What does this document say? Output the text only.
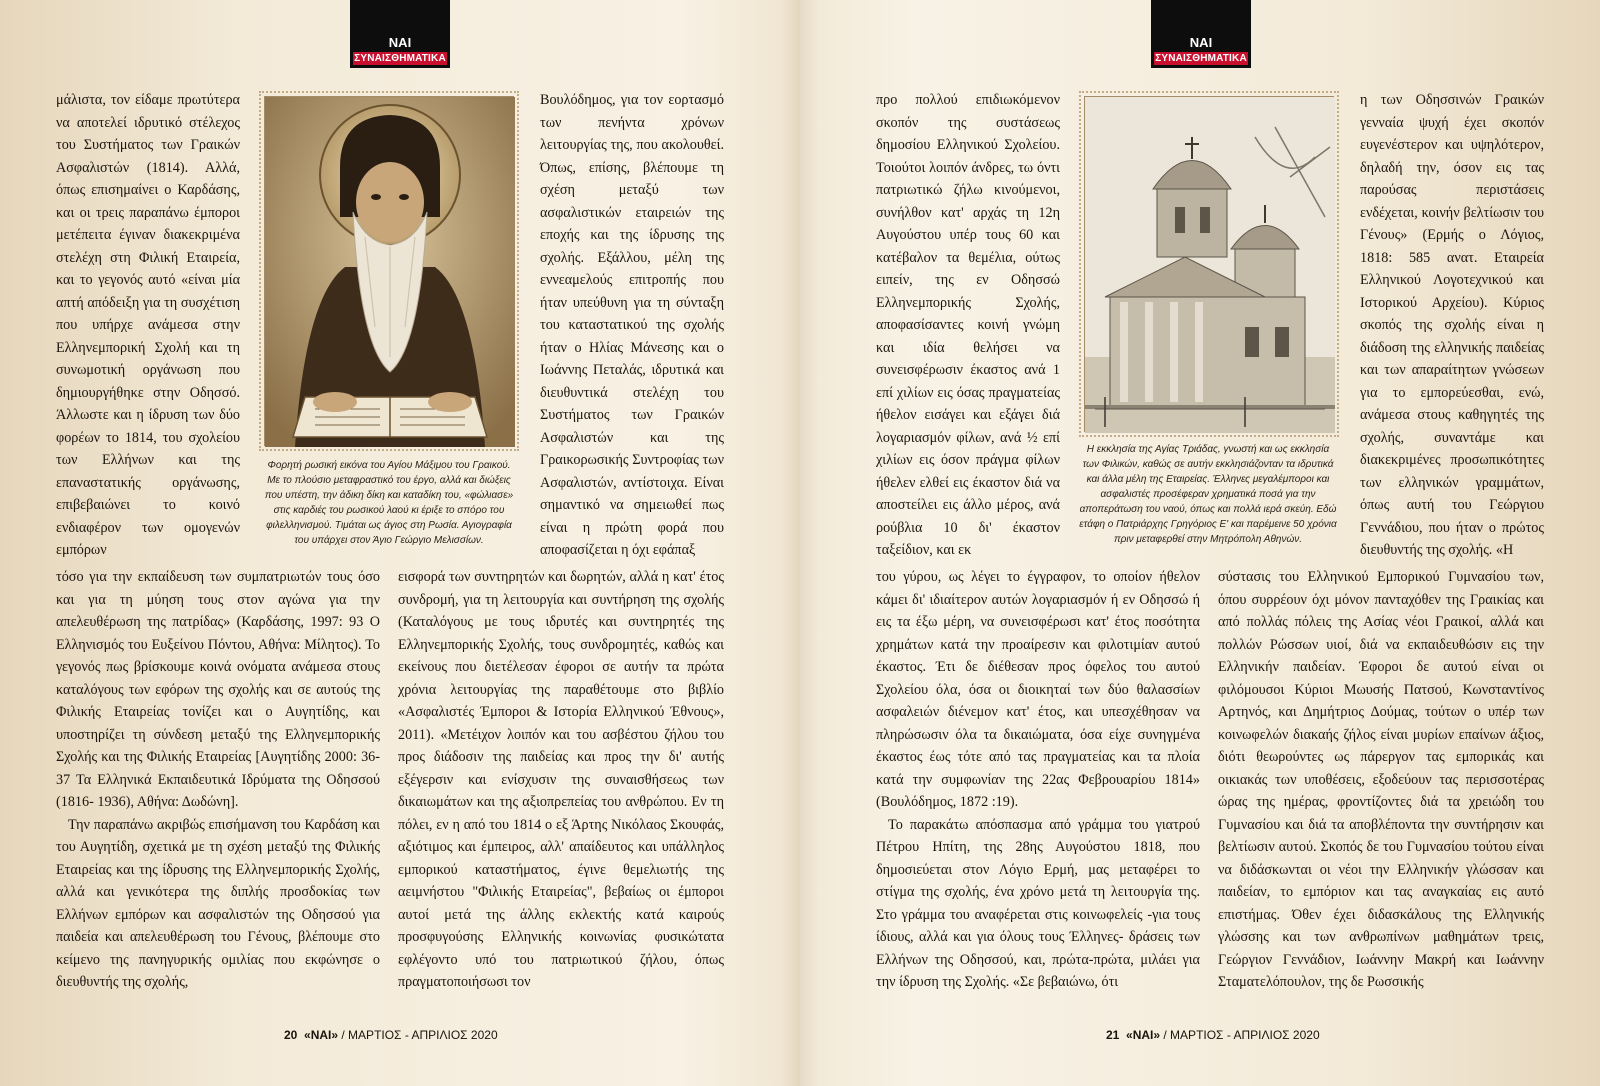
ΝΑΙ
ΣΥΝΑΙΣΘΗΜΑΤΙΚΑ

μάλιστα, τον είδαμε πρωτύτερα να αποτελεί ιδρυτικό στέλεχος του Συστήματος των Γραικών Ασφαλιστών (1814). Αλλά, όπως επισημαίνει ο Καρδάσης, και οι τρεις παραπάνω έμποροι μετέπειτα έγιναν διακεκριμένα στελέχη στη Φιλική Εταιρεία, και το γεγονός αυτό «είναι μία απτή απόδειξη για τη συσχέτιση που υπήρχε ανάμεσα στην Ελληνεμπορική Σχολή και τη συνωμοτική οργάνωση που δημιουργήθηκε στην Οδησσό. Άλλωστε και η ίδρυση των δύο φορέων το 1814, του σχολείου των Ελλήνων και της επαναστατικής οργάνωσης, επιβεβαιώνει το κοινό ενδιαφέρον των ομογενών εμπόρων

Φορητή ρωσική εικόνα του Αγίου Μάξιμου του Γραικού. Με το πλούσιο μεταφραστικό του έργο, αλλά και διώξεις που υπέστη, την άδικη δίκη και καταδίκη του, «φώλιασε» στις καρδιές του ρωσικού λαού κι έριξε το σπόρο του φιλελληνισμού. Τιμάται ως άγιος στη Ρωσία. Αγιογραφία του υπάρχει στον Άγιο Γεώργιο Μελισσίων.

Βουλόδημος, για τον εορτασμό των πενήντα χρόνων λειτουργίας της, που ακολουθεί. Όπως, επίσης, βλέπουμε τη σχέση μεταξύ των ασφαλιστικών εταιρειών της εποχής και της ίδρυσης της σχολής. Εξάλλου, μέλη της εννεαμελούς επιτροπής που ήταν υπεύθυνη για τη σύνταξη του καταστατικού της σχολής ήταν ο Ηλίας Μάνεσης και ο Ιωάννης Πεταλάς, ιδρυτικά και διευθυντικά στελέχη του Συστήματος των Γραικών Ασφαλιστών και της Γραικορωσικής Συντροφίας των Ασφαλιστών, αντίστοιχα. Είναι σημαντικό να σημειωθεί πως είναι η πρώτη φορά που αποφασίζεται η όχι εφάπαξ

τόσο για την εκπαίδευση των συμπατριωτών τους όσο και για τη μύηση τους στον αγώνα για την απελευθέρωση της πατρίδας» (Καρδάσης, 1997: 93 Ο Ελληνισμός του Ευξείνου Πόντου, Αθήνα: Μίλητος). Το γεγονός πως βρίσκουμε κοινά ονόματα ανάμεσα στους καταλόγους των εφόρων της σχολής και σε αυτούς της Φιλικής Εταιρείας τονίζει και ο Αυγητίδης, και υποστηρίζει τη σύνδεση μεταξύ της Ελληνεμπορικής Σχολής και της Φιλικής Εταιρείας [Αυγητίδης 2000: 36-37 Τα Ελληνικά Εκπαιδευτικά Ιδρύματα της Οδησσού (1816- 1936), Αθήνα: Δωδώνη].

Την παραπάνω ακριβώς επισήμανση του Καρδάση και του Αυγητίδη, σχετικά με τη σχέση μεταξύ της Φιλικής Εταιρείας και της ίδρυσης της Ελληνεμπορικής Σχολής, αλλά και γενικότερα της διπλής προσδοκίας των Ελλήνων εμπόρων και ασφαλιστών της Οδησσού για παιδεία και απελευθέρωση του Γένους, βλέπουμε στο κείμενο της πανηγυρικής ομιλίας που εκφώνησε ο διευθυντής της σχολής,

εισφορά των συντηρητών και δωρητών, αλλά η κατ' έτος συνδρομή, για τη λειτουργία και συντήρηση της σχολής (Καταλόγους με τους ιδρυτές και συντηρητές της Ελληνεμπορικής Σχολής, τους συνδρομητές, καθώς και εκείνους που διετέλεσαν έφοροι σε αυτήν τα πρώτα χρόνια λειτουργίας της παραθέτουμε στο βιβλίο «Ασφαλιστές Έμποροι & Ιστορία Ελληνικού Έθνους», 2011). «Μετέιχον λοιπόν και του ασβέστου ζήλου του προς διάδοσιν της παιδείας και προς την δι' αυτής εξέγερσιν και ενίσχυσιν της συναισθήσεως των δικαιωμάτων και της αξιοπρεπείας του ανθρώπου. Εν τη πόλει, εν η από του 1814 ο εξ Άρτης Νικόλαος Σκουφάς, αξιότιμος και έμπειρος, αλλ' απαίδευτος και υπάλληλος εμπορικού καταστήματος, έγινε θεμελιωτής της αειμνήστου "Φιλικής Εταιρείας", βεβαίως οι έμποροι αυτοί μετά της άλλης εκλεκτής κατά καιρούς προσφυγούσης Ελληνικής κοινωνίας φυσικώτατα εφλέγοντο υπό του πατριωτικού ζήλου, όπως πραγματοποιήσωσι τον

20 «ΝΑΙ» / ΜΑΡΤΙΟΣ - ΑΠΡΙΛΙΟΣ 2020
ΝΑΙ
ΣΥΝΑΙΣΘΗΜΑΤΙΚΑ

προ πολλού επιδιωκόμενον σκοπόν της συστάσεως δημοσίου Ελληνικού Σχολείου. Τοιούτοι λοιπόν άνδρες, τω όντι πατριωτικώ ζήλω κινούμενοι, συνήλθον κατ' αρχάς τη 12η Αυγούστου υπέρ τους 60 και κατέβαλον τα θεμέλια, ούτως ειπείν, της εν Οδησσώ Ελληνεμπορικής Σχολής, αποφασίσαντες κοινή γνώμη και ιδία θελήσει να συνεισφέρωσιν έκαστος ανά 1 επί χιλίων εις όσας πραγματείας ήθελον εισάγει και εξάγει διά λογαριασμόν φίλων, ανά ½ επί χιλίων εις όσον πράγμα φίλων ήθελεν ελθεί εις έκαστον διά να αποστείλει εις άλλο μέρος, ανά ρούβλια 10 δι' έκαστον ταξείδιον, και εκ

Η εκκλησία της Αγίας Τριάδας, γνωστή και ως εκκλησία των Φιλικών, καθώς σε αυτήν εκκλησιάζονταν τα ιδρυτικά και άλλα μέλη της Εταιρείας. Έλληνες μεγαλέμποροι και ασφαλιστές προσέφεραν χρηματικά ποσά για την αποπεράτωση του ναού, όπως και πολλά ιερά σκεύη. Εδώ ετάφη ο Πατριάρχης Γρηγόριος Ε' και παρέμεινε 50 χρόνια πριν μεταφερθεί στην Μητρόπολη Αθηνών.

η των Οδησσινών Γραικών γενναία ψυχή έχει σκοπόν ευγενέστερον και υψηλότερον, δηλαδή την, όσον εις τας παρούσας περιστάσεις ενδέχεται, κοινήν βελτίωσιν του Γένους» (Ερμής ο Λόγιος, 1818: 585 ανατ. Εταιρεία Ελληνικού Λογοτεχνικού και Ιστορικού Αρχείου). Κύριος σκοπός της σχολής είναι η διάδοση της ελληνικής παιδείας και των απαραίτητων γνώσεων για το εμπορεύεσθαι, ενώ, ανάμεσα στους καθηγητές της σχολής, συναντάμε και διακεκριμένες προσωπικότητες των ελληνικών γραμμάτων, όπως αυτή του Γεώργιου Γεννάδιου, που ήταν ο πρώτος διευθυντής της σχολής. «Η

του γύρου, ως λέγει το έγγραφον, το οποίον ήθελον κάμει δι' ιδιαίτερον αυτών λογαριασμόν ή εν Οδησσώ ή εις τα έξω μέρη, να συνεισφέρωσι κατ' έτος ποσότητα χρημάτων κατά την προαίρεσιν και φιλοτιμίαν αυτού έκαστος. Έτι δε διέθεσαν προς όφελος του αυτού Σχολείου όλα, όσα οι διοικηταί των δύο θαλασσίων ασφαλειών διένεμον κατ' έτος, και υπεσχέθησαν να πληρώσωσιν όλα τα δικαιώματα, όσα είχε συνηγμένα έκαστος έως τότε από τας πραγματείας και τα πλοία κατά την συμφωνίαν της 22ας Φεβρουαρίου 1814» (Βουλόδημος, 1872 :19).

Το παρακάτω απόσπασμα από γράμμα του γιατρού Πέτρου Ηπίτη, της 28ης Αυγούστου 1818, που δημοσιεύεται στον Λόγιο Ερμή, μας μεταφέρει το στίγμα της σχολής, ένα χρόνο μετά τη λειτουργία της. Στο γράμμα του αναφέρεται στις κοινωφελείς -για τους ίδιους, αλλά και για όλους τους Έλληνες- δράσεις των Ελλήνων της Οδησσού, και, πρώτα-πρώτα, μιλάει για την ίδρυση της Σχολής. «Σε βεβαιώνω, ότι

σύστασις του Ελληνικού Εμπορικού Γυμνασίου των, όπου συρρέουν όχι μόνον πανταχόθεν της Γραικίας και από πολλάς πόλεις της Ασίας νέοι Γραικοί, αλλά και πολλών Ρώσσων υιοί, διά να εκπαιδευθώσιν εις την Ελληνικήν παιδείαν. Έφοροι δε αυτού είναι οι φιλόμουσοι Κύριοι Μωυσής Πατσού, Κωνσταντίνος Αρτηνός, και Δημήτριος Δούμας, τούτων ο υπέρ των κοινωφελών διακαής ζήλος είναι μυρίων επαίνων άξιος, διότι θεωρούντες ως πάρεργον τας εμπορικάς και οικιακάς των υποθέσεις, εξοδεύουν τας περισσοτέρας ώρας της ημέρας, φροντίζοντες διά τα χρειώδη του Γυμνασίου και διά τα αποβλέποντα την συντήρησιν και βελτίωσιν αυτού. Σκοπός δε του Γυμνασίου τούτου είναι να διδάσκωνται οι νέοι την Ελληνικήν γλώσσαν και παιδείαν, το εμπόριον και τας αναγκαίας εις αυτό επιστήμας. Όθεν έχει διδασκάλους της Ελληνικής γλώσσης και των ανθρωπίνων μαθημάτων τρεις, Γεώργιον Γεννάδιον, Ιωάννην Μακρή και Ιωάννην Σταματελόπουλον, της δε Ρωσσικής

21 «ΝΑΙ» / ΜΑΡΤΙΟΣ - ΑΠΡΙΛΙΟΣ 2020
